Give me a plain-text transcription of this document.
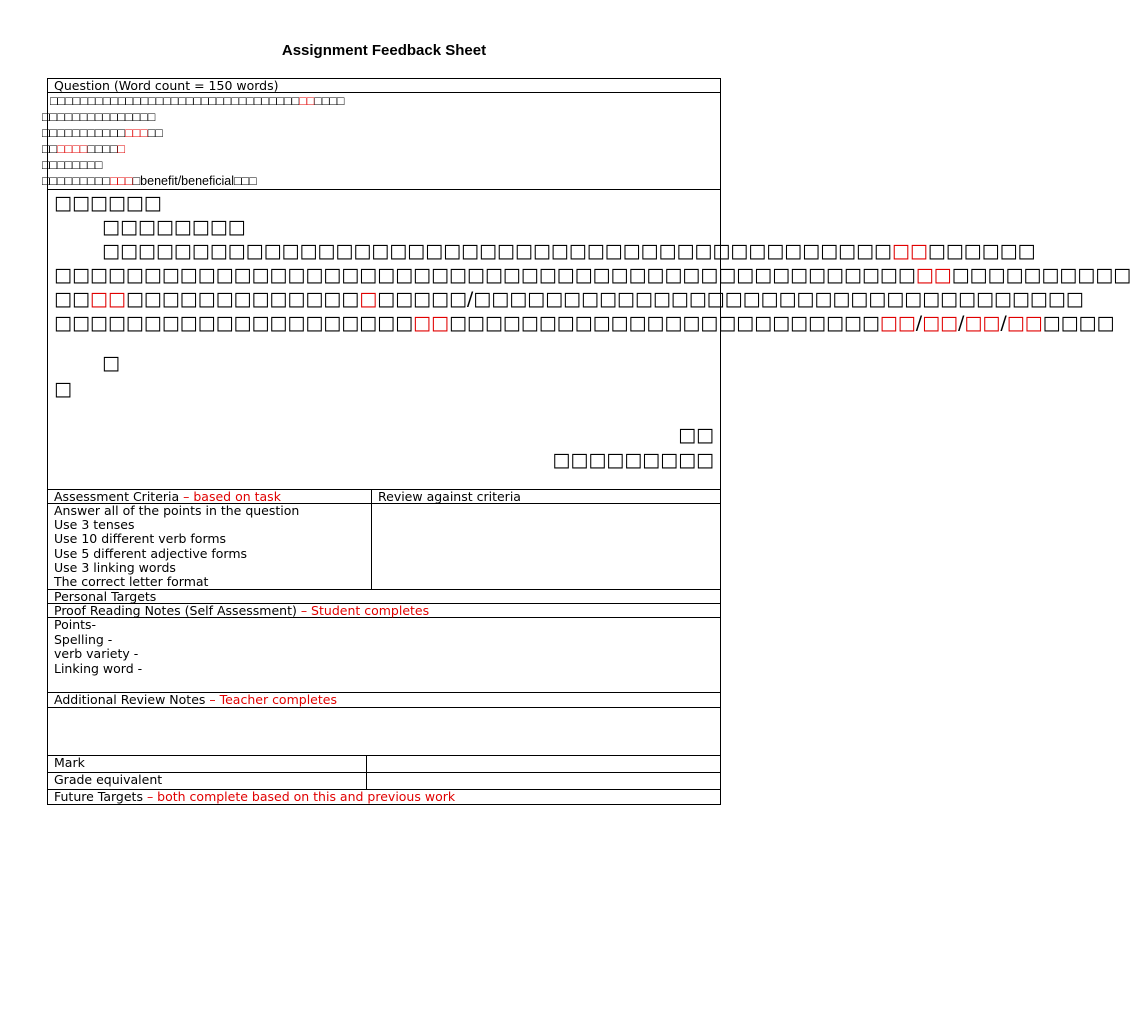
Assignment Feedback Sheet
Question (Word count = 150 words)
□□□□□□□□□□□□□□□□□□□□□□□□□□□□□□□□□□□□□□□
□□□□□□□□□□□□□□□
□□□□□□□□□□□□□□□□
□□□□□□□□□□□
□□□□□□□□
□□□□□□□□□□□□□benefit/beneficial□□□
□□□□□□
□□□□□□□□
□□□□□□□□□□□□□□□□□□□□□□□□□□□□□□□□□□□□□□□□□□□□□□□□□□□□
□□□□□□□□□□□□□□□□□□□□□□□□□□□□□□□□□□□□□□□□□□□□□□□□□□□□□□□□□□□□
□□□□□□□□□□□□□□□□□□□□□□□/□□□□□□□□□□□□□□□□□□□□□□□□□□□□□□□□□□
□□□□□□□□□□□□□□□□□□□□□□□□□□□□□□□□□□□□□□□□□□□□□□□□/□□/□□/□□□□□□
□
□
□□
□□□□□□□□□
Assessment Criteria – based on task	Review against criteria
Answer all of the points in the question
Use 3 tenses
Use 10 different verb forms
Use 5 different adjective forms
Use 3 linking words
The correct letter format
Personal Targets
Proof Reading Notes (Self Assessment) – Student completes
Points-
Spelling -
verb variety -
Linking word -
Additional Review Notes – Teacher completes
Mark
Grade equivalent
Future Targets – both complete based on this and previous work
